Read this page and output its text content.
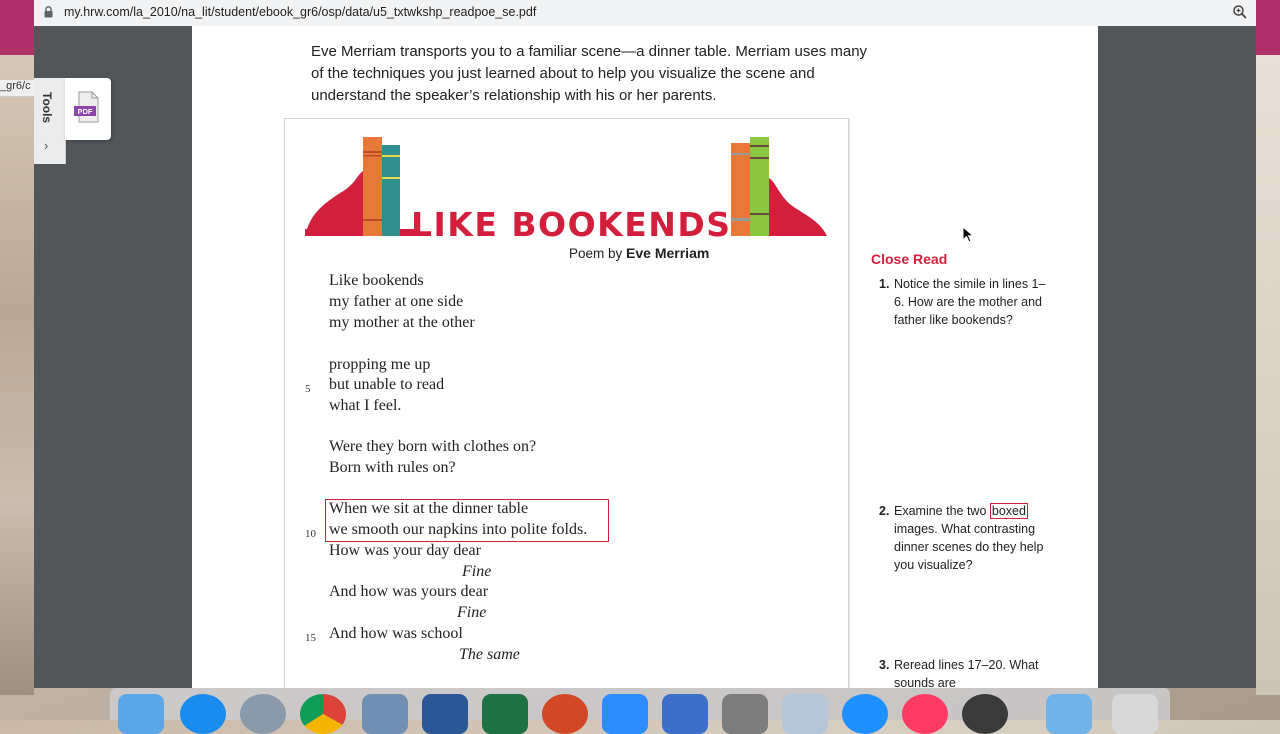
_gr6/c
my.hrw.com/la_2010/na_lit/student/ebook_gr6/osp/data/u5_txtwkshp_readpoe_se.pdf
Tools
›
PDF
Eve Merriam transports you to a familiar scene—a dinner table. Merriam uses many of the techniques you just learned about to help you visualize the scene and understand the speaker’s relationship with his or her parents.
LIKE BOOKENDS
Poem by Eve Merriam
Like bookends
my father at one side
my mother at the other
propping me up
5 but unable to read
what I feel.
Were they born with clothes on?
Born with rules on?
When we sit at the dinner table
10 we smooth our napkins into polite folds.
How was your day dear
Fine
And how was yours dear
Fine
15 And how was school
The same
Close Read
1. Notice the simile in lines 1–6. How are the mother and father like bookends?
2. Examine the two boxed images. What contrasting dinner scenes do they help you visualize?
3. Reread lines 17–20. What sounds are
